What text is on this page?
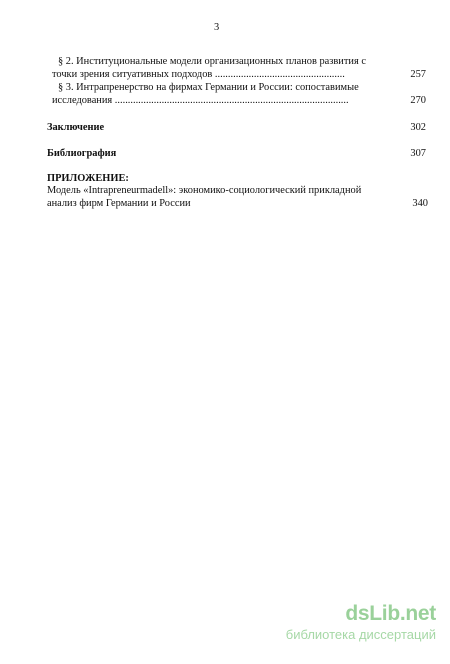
3
§ 2. Институциональные модели организационных планов развития с
точки зрения ситуативных подходов ..................................................	257
§ 3. Интрапренерство на фирмах Германии и России: сопоставимые
исследования ..........................................................................................	270
Заключение	302
Библиография	307
ПРИЛОЖЕНИЕ:
Модель «Intrapreneurmadell»: экономико-социологический прикладной
анализ фирм Германии и России	340
dsLib.net
библиотека диссертаций
